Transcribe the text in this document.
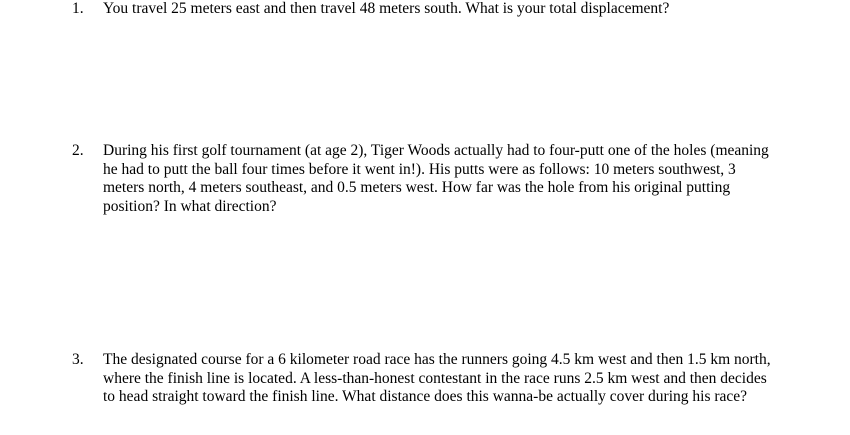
1.	You travel 25 meters east and then travel 48 meters south. What is your total displacement?
2.	During his first golf tournament (at age 2), Tiger Woods actually had to four-putt one of the holes (meaning
he had to putt the ball four times before it went in!). His putts were as follows: 10 meters southwest, 3
meters north, 4 meters southeast, and 0.5 meters west. How far was the hole from his original putting
position? In what direction?
3.	The designated course for a 6 kilometer road race has the runners going 4.5 km west and then 1.5 km north,
where the finish line is located. A less-than-honest contestant in the race runs 2.5 km west and then decides
to head straight toward the finish line. What distance does this wanna-be actually cover during his race?
